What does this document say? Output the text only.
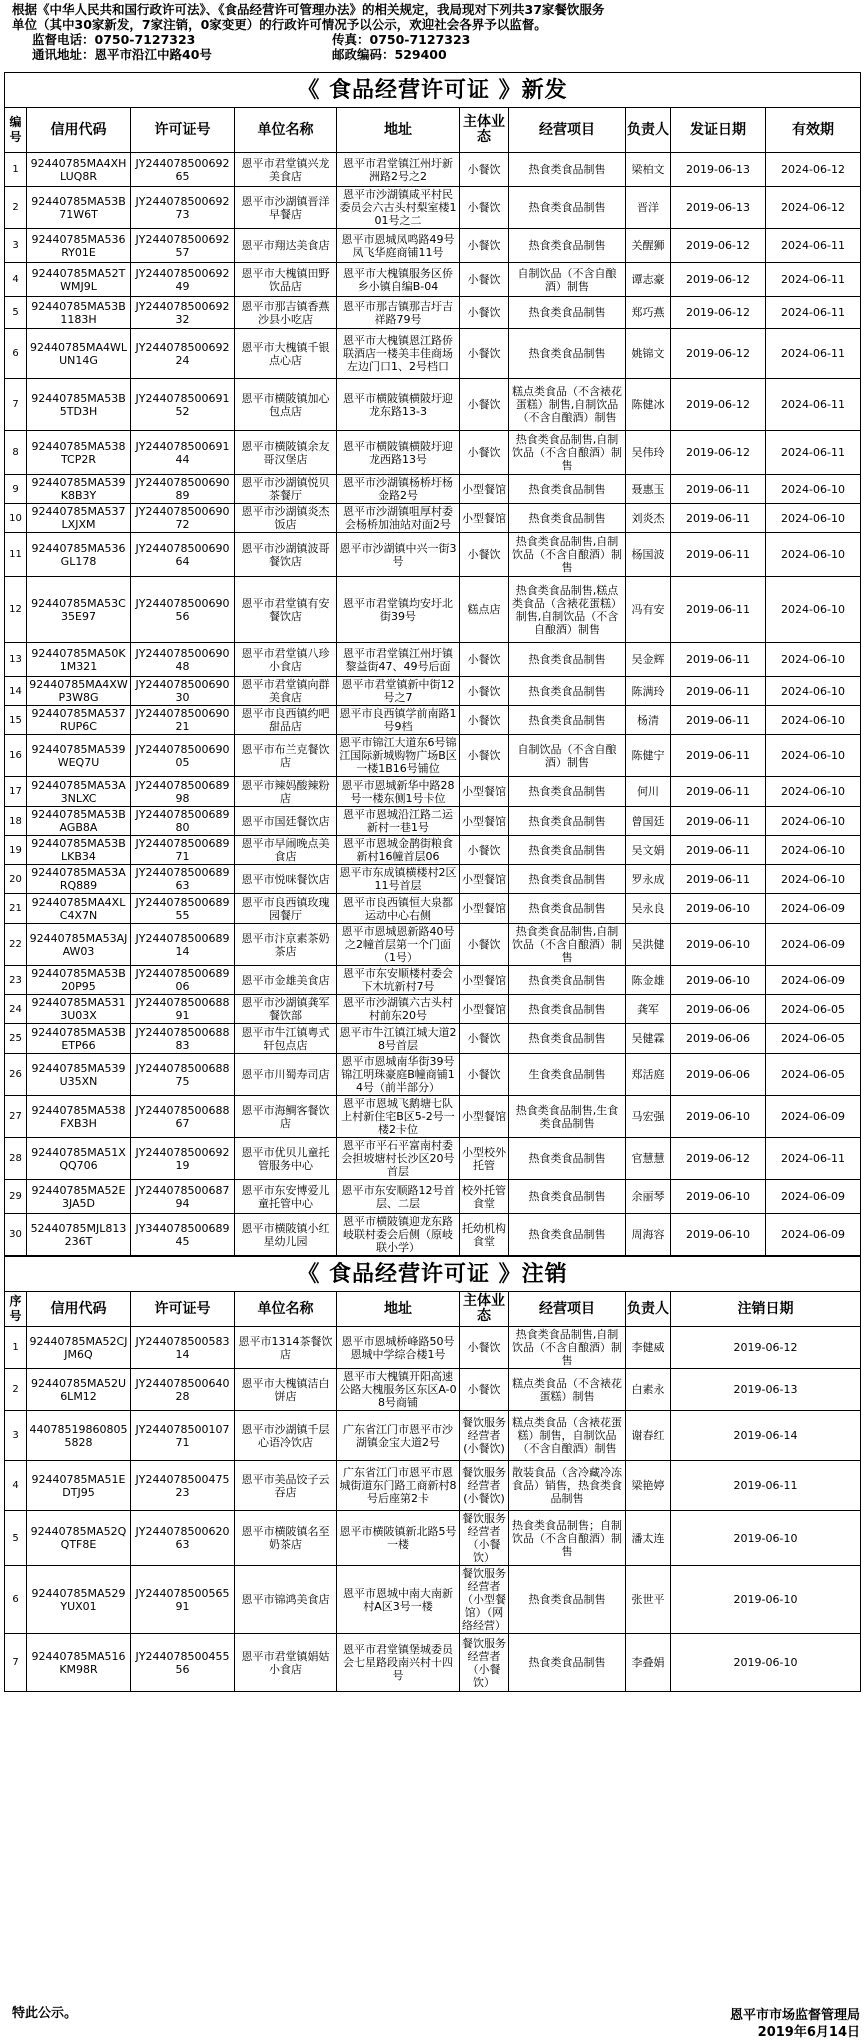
根据《中华人民共和国行政许可法》、《食品经营许可管理办法》的相关规定，我局现对下列共37家餐饮服务

单位（其中30家新发，7家注销，0家变更）的行政许可情况予以公示，欢迎社会各界予以监督。

监督电话：0750-7127323	传真：0750-7127323

通讯地址：恩平市沿江中路40号	邮政编码：529400

《 食品经营许可证 》新发									
编号	信用代码	许可证号	单位名称	地址	主体业态	经营项目	负责人	发证日期	有效期
1	92440785MA4XHLUQ8R	JY24407850069265	恩平市君堂镇兴龙美食店	恩平市君堂镇江州圩新洲路2号之2	小餐饮	热食类食品制售	梁柏文	2019-06-13	2024-06-12
2	92440785MA53B71W6T	JY24407850069273	恩平市沙湖镇晋洋早餐店	恩平市沙湖镇咸平村民委员会六古头村梨室楼101号之二	小餐饮	热食类食品制售	晋洋	2019-06-13	2024-06-12
3	92440785MA536RY01E	JY24407850069257	恩平市翔达美食店	恩平市恩城凤鸣路49号凤飞华庭商铺11号	小餐饮	热食类食品制售	关醒狮	2019-06-12	2024-06-11
4	92440785MA52TWMJ9L	JY24407850069249	恩平市大槐镇田野饮品店	恩平市大槐镇服务区侨乡小镇自编B-04	小餐饮	自制饮品（不含自酿酒）制售	谭志豪	2019-06-12	2024-06-11
5	92440785MA53B1183H	JY24407850069232	恩平市那吉镇香燕沙县小吃店	恩平市那吉镇那吉圩吉祥路79号	小餐饮	热食类食品制售	郑巧燕	2019-06-12	2024-06-11
6	92440785MA4WLUN14G	JY24407850069224	恩平市大槐镇千银点心店	恩平市大槐镇恩江路侨联酒店一楼美丰佳商场左边门口1、2号档口	小餐饮	热食类食品制售	姚锦文	2019-06-12	2024-06-11
7	92440785MA53B5TD3H	JY24407850069152	恩平市横陂镇加心包点店	恩平市横陂镇横陂圩迎龙东路13-3	小餐饮	糕点类食品（不含裱花蛋糕）制售,自制饮品（不含自酿酒）制售	陈健冰	2019-06-12	2024-06-11
8	92440785MA538TCP2R	JY24407850069144	恩平市横陂镇余友哥汉堡店	恩平市横陂镇横陂圩迎龙西路13号	小餐饮	热食类食品制售,自制饮品（不含自酿酒）制售	吴伟玲	2019-06-12	2024-06-11
9	92440785MA539K8B3Y	JY24407850069089	恩平市沙湖镇悦贝茶餐厅	恩平市沙湖镇杨桥圩杨金路2号	小型餐馆	热食类食品制售	聂惠玉	2019-06-11	2024-06-10
10	92440785MA537LXJXM	JY24407850069072	恩平市沙湖镇炎杰饭店	恩平市沙湖镇咀厚村委会杨桥加油站对面2号	小型餐馆	热食类食品制售	刘炎杰	2019-06-11	2024-06-10
11	92440785MA536GL178	JY24407850069064	恩平市沙湖镇波哥餐饮店	恩平市沙湖镇中兴一街3号	小餐饮	热食类食品制售,自制饮品（不含自酿酒）制售	杨国波	2019-06-11	2024-06-10
12	92440785MA53C35E97	JY24407850069056	恩平市君堂镇有安餐饮店	恩平市君堂镇均安圩北街39号	糕点店	热食类食品制售,糕点类食品（含裱花蛋糕）制售,自制饮品（不含自酿酒）制售	冯有安	2019-06-11	2024-06-10
13	92440785MA50K1M321	JY24407850069048	恩平市君堂镇八珍小食店	恩平市君堂镇江州圩镇黎益街47、49号后面	小餐饮	热食类食品制售	吴金辉	2019-06-11	2024-06-10
14	92440785MA4XWP3W8G	JY24407850069030	恩平市君堂镇向群美食店	恩平市君堂镇新中街12号之7	小餐饮	热食类食品制售	陈满玲	2019-06-11	2024-06-10
15	92440785MA537RUP6C	JY24407850069021	恩平市良西镇约吧甜品店	恩平市良西镇学前南路1号9档	小餐饮	热食类食品制售	杨清	2019-06-11	2024-06-10
16	92440785MA539WEQ7U	JY24407850069005	恩平市布兰克餐饮店	恩平市锦江大道东6号锦江国际新城购物广场B区一楼1B16号铺位	小餐饮	自制饮品（不含自酿酒）制售	陈健宁	2019-06-11	2024-06-10
17	92440785MA53A3NLXC	JY24407850068998	恩平市辣妈酸辣粉店	恩平市恩城新华中路28号一楼东侧1号卡位	小型餐馆	热食类食品制售	何川	2019-06-11	2024-06-10
18	92440785MA53BAGB8A	JY24407850068980	恩平市国廷餐饮店	恩平市恩城沿江路二运新村一巷1号	小型餐馆	热食类食品制售	曾国廷	2019-06-11	2024-06-10
19	92440785MA53BLKB34	JY24407850068971	恩平市早闹晚点美食店	恩平市恩城金鹊街粮食新村16幢首层06	小餐饮	热食类食品制售	吴文娟	2019-06-11	2024-06-10
20	92440785MA53ARQ889	JY24407850068963	恩平市悦咪餐饮店	恩平市东成镇横楼村2区11号首层	小型餐馆	热食类食品制售	罗永成	2019-06-11	2024-06-10
21	92440785MA4XLC4X7N	JY24407850068955	恩平市良西镇玫瑰园餐厅	恩平市良西镇恒大泉都运动中心右侧	小型餐馆	热食类食品制售	吴永良	2019-06-10	2024-06-09
22	92440785MA53AJAW03	JY24407850068914	恩平市汴京素茶奶茶店	恩平市恩城恩新路40号之2幢首层第一个门面（1号）	小餐饮	热食类食品制售,自制饮品（不含自酿酒）制售	吴洪健	2019-06-10	2024-06-09
23	92440785MA53B20P95	JY24407850068906	恩平市金雄美食店	恩平市东安顺楼村委会下木坑新村7号	小型餐馆	热食类食品制售	陈金雄	2019-06-10	2024-06-09
24	92440785MA5313U03X	JY24407850068891	恩平市沙湖镇龚军餐饮部	恩平市沙湖镇六古头村村前东20号	小型餐馆	热食类食品制售	龚军	2019-06-06	2024-06-05
25	92440785MA53BETP66	JY24407850068883	恩平市牛江镇粤式轩包点店	恩平市牛江镇江城大道28号首层	小餐饮	热食类食品制售	吴健霖	2019-06-06	2024-06-05
26	92440785MA539U35XN	JY24407850068875	恩平市川蜀寿司店	恩平市恩城南华街39号锦江明珠豪庭B幢商铺14号（前半部分）	小餐饮	生食类食品制售	郑活庭	2019-06-06	2024-06-05
27	92440785MA538FXB3H	JY24407850068867	恩平市海鲷客餐饮店	恩平市恩城飞鹅塘七队上村新住宅B区5-2号一楼2卡位	小型餐馆	热食类食品制售,生食类食品制售	马宏强	2019-06-10	2024-06-09
28	92440785MA51XQQ706	JY24407850069219	恩平市优贝儿童托管服务中心	恩平市平石平富南村委会担坡塘村长沙区20号首层	小型校外托管	热食类食品制售	官慧慧	2019-06-12	2024-06-11
29	92440785MA52E3JA5D	JY24407850068794	恩平市东安博爱儿童托管中心	恩平市东安顺路12号首层、二层	校外托管食堂	热食类食品制售	余丽琴	2019-06-10	2024-06-09
30	52440785MJL813236T	JY34407850068945	恩平市横陂镇小红星幼儿园	恩平市横陂镇迎龙东路岐联村委会后侧（原岐联小学）	托幼机构食堂	热食类食品制售	周海容	2019-06-10	2024-06-09
《 食品经营许可证 》注销								
序号	信用代码	许可证号	单位名称	地址	主体业态	经营项目	负责人	注销日期
1	92440785MA52CJJM6Q	JY24407850058314	恩平市1314茶餐饮店	恩平市恩城桥峰路50号恩城中学综合楼1号	小餐饮	热食类食品制售,自制饮品（不含自酿酒）制售	李健威	2019-06-12
2	92440785MA52U6LM12	JY24407850064028	恩平市大槐镇洁白饼店	恩平市大槐镇开阳高速公路大槐服务区东区A-08号商铺	小餐饮	糕点类食品（不含裱花蛋糕）制售	白素永	2019-06-13
3	440785198608055828	JY24407850010771	恩平市沙湖镇千层心语冷饮店	广东省江门市恩平市沙湖镇金宝大道2号	餐饮服务经营者(小餐饮)	糕点类食品（含裱花蛋糕）制售，自制饮品（不含自酿酒）制售	谢春红	2019-06-14
4	92440785MA51EDTJ95	JY24407850047523	恩平市美品饺子云吞店	广东省江门市恩平市恩城街道东门路工商新村8号后座第2卡	餐饮服务经营者(小餐饮)	散装食品（含冷藏冷冻食品）销售，热食类食品制售	梁艳婷	2019-06-11
5	92440785MA52QQTF8E	JY24407850062063	恩平市横陂镇名至奶茶店	恩平市横陂镇新北路5号一楼	餐饮服务经营者（小餐饮）	热食类食品制售；自制饮品（不含自酿酒）制售	潘太连	2019-06-10
6	92440785MA529YUX01	JY24407850056591	恩平市锦鸿美食店	恩平市恩城中南大南新村A区3号一楼	餐饮服务经营者（小型餐馆）（网络经营）	热食类食品制售	张世平	2019-06-10
7	92440785MA516KM98R	JY24407850045556	恩平市君堂镇娟姑小食店	恩平市君堂镇堡城委员会七星路段南兴村十四号	餐饮服务经营者（小餐饮）	热食类食品制售	李叠娟	2019-06-10
特此公示。	恩平市市场监督管理局
2019年6月14日
